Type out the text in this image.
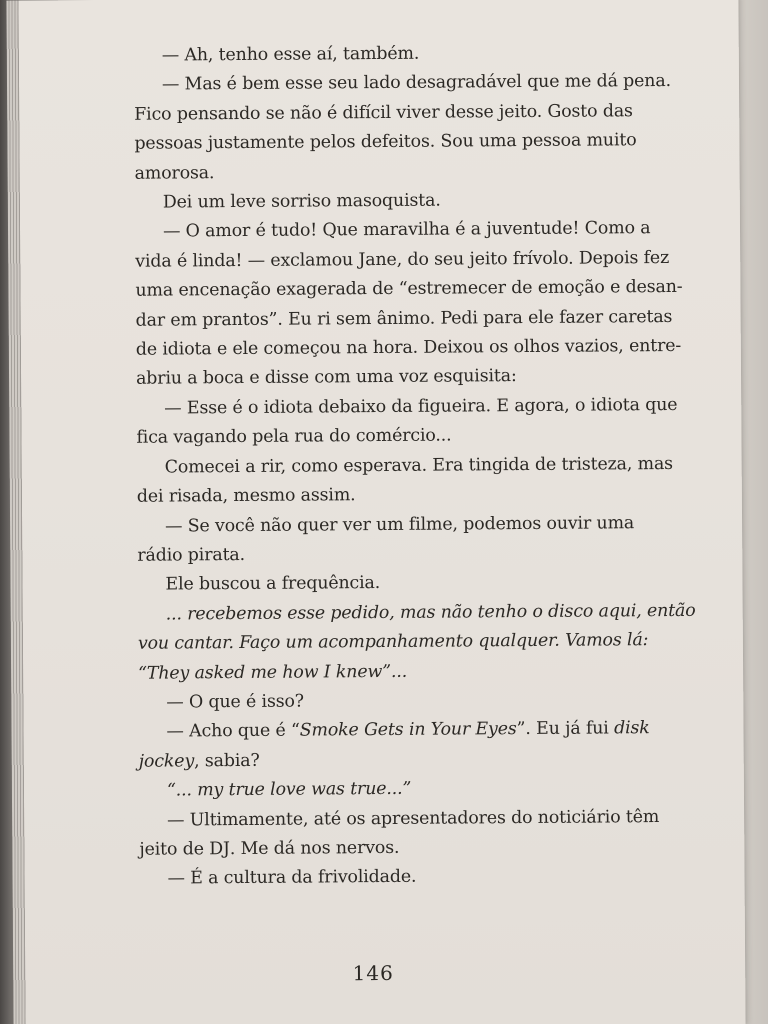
— Ah, tenho esse aí, também.
— Mas é bem esse seu lado desagradável que me dá pena.
Fico pensando se não é difícil viver desse jeito. Gosto das
pessoas justamente pelos defeitos. Sou uma pessoa muito
amorosa.
Dei um leve sorriso masoquista.
— O amor é tudo! Que maravilha é a juventude! Como a
vida é linda! — exclamou Jane, do seu jeito frívolo. Depois fez
uma encenação exagerada de “estremecer de emoção e desan-
dar em prantos”. Eu ri sem ânimo. Pedi para ele fazer caretas
de idiota e ele começou na hora. Deixou os olhos vazios, entre-
abriu a boca e disse com uma voz esquisita:
— Esse é o idiota debaixo da figueira. E agora, o idiota que
fica vagando pela rua do comércio...
Comecei a rir, como esperava. Era tingida de tristeza, mas
dei risada, mesmo assim.
— Se você não quer ver um filme, podemos ouvir uma
rádio pirata.
Ele buscou a frequência.
... recebemos esse pedido, mas não tenho o disco aqui, então
vou cantar. Faço um acompanhamento qualquer. Vamos lá:
“They asked me how I knew”...
— O que é isso?
— Acho que é “Smoke Gets in Your Eyes”. Eu já fui disk
jockey, sabia?
“... my true love was true...”
— Ultimamente, até os apresentadores do noticiário têm
jeito de DJ. Me dá nos nervos.
— É a cultura da frivolidade.
146
